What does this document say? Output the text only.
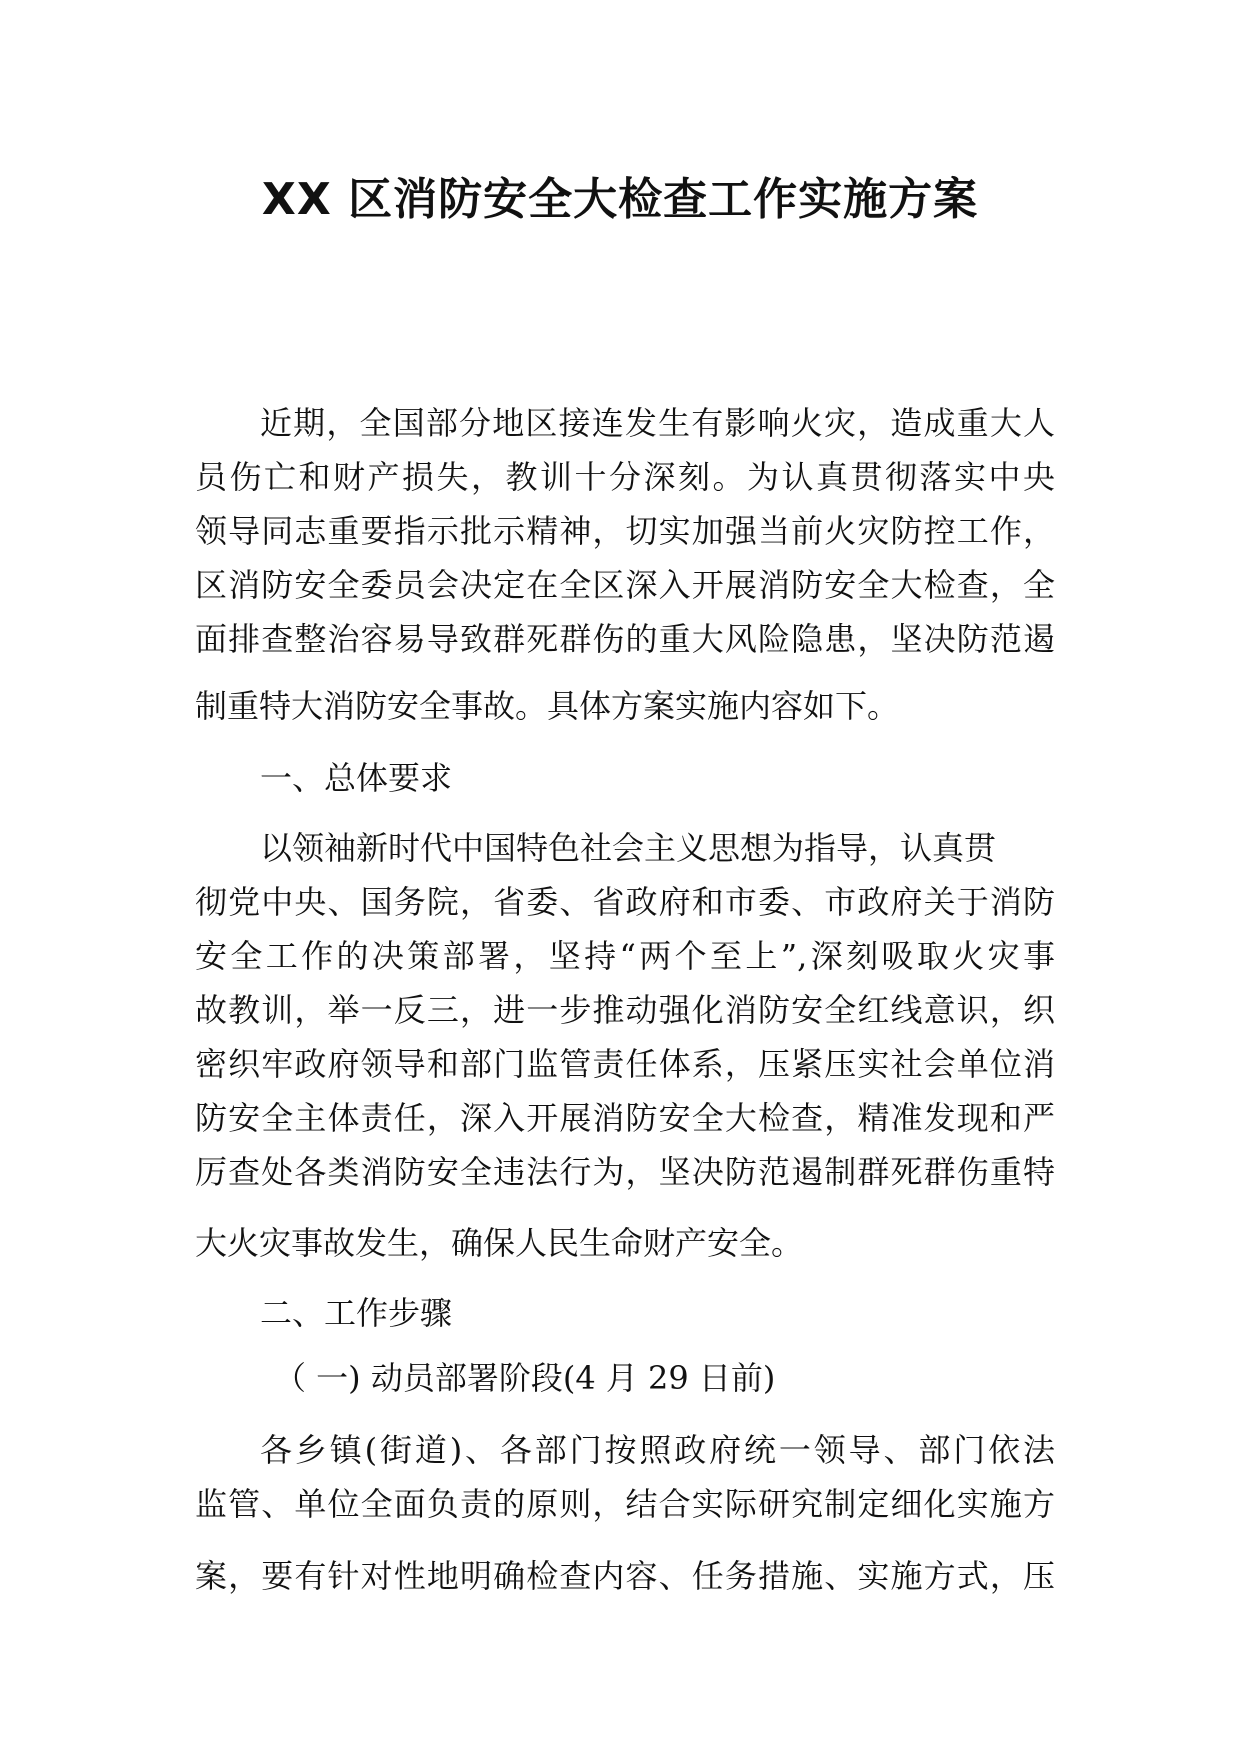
XX 区消防安全大检查工作实施方案

近期，全国部分地区接连发生有影响火灾，造成重大人

员伤亡和财产损失，教训十分深刻。为认真贯彻落实中央

领导同志重要指示批示精神，切实加强当前火灾防控工作，

区消防安全委员会决定在全区深入开展消防安全大检查，全

面排查整治容易导致群死群伤的重大风险隐患，坚决防范遏

制重特大消防安全事故。具体方案实施内容如下。

一、总体要求

以领袖新时代中国特色社会主义思想为指导，认真贯

彻党中央、国务院，省委、省政府和市委、市政府关于消防

安全工作的决策部署，坚持“两个至上”,深刻吸取火灾事

故教训，举一反三，进一步推动强化消防安全红线意识，织

密织牢政府领导和部门监管责任体系，压紧压实社会单位消

防安全主体责任，深入开展消防安全大检查，精准发现和严

厉查处各类消防安全违法行为，坚决防范遏制群死群伤重特

大火灾事故发生，确保人民生命财产安全。

二、工作步骤

（ 一) 动员部署阶段(4 月 29 日前)

各乡镇(街道)、各部门按照政府统一领导、部门依法

监管、单位全面负责的原则，结合实际研究制定细化实施方

案，要有针对性地明确检查内容、任务措施、实施方式，压
